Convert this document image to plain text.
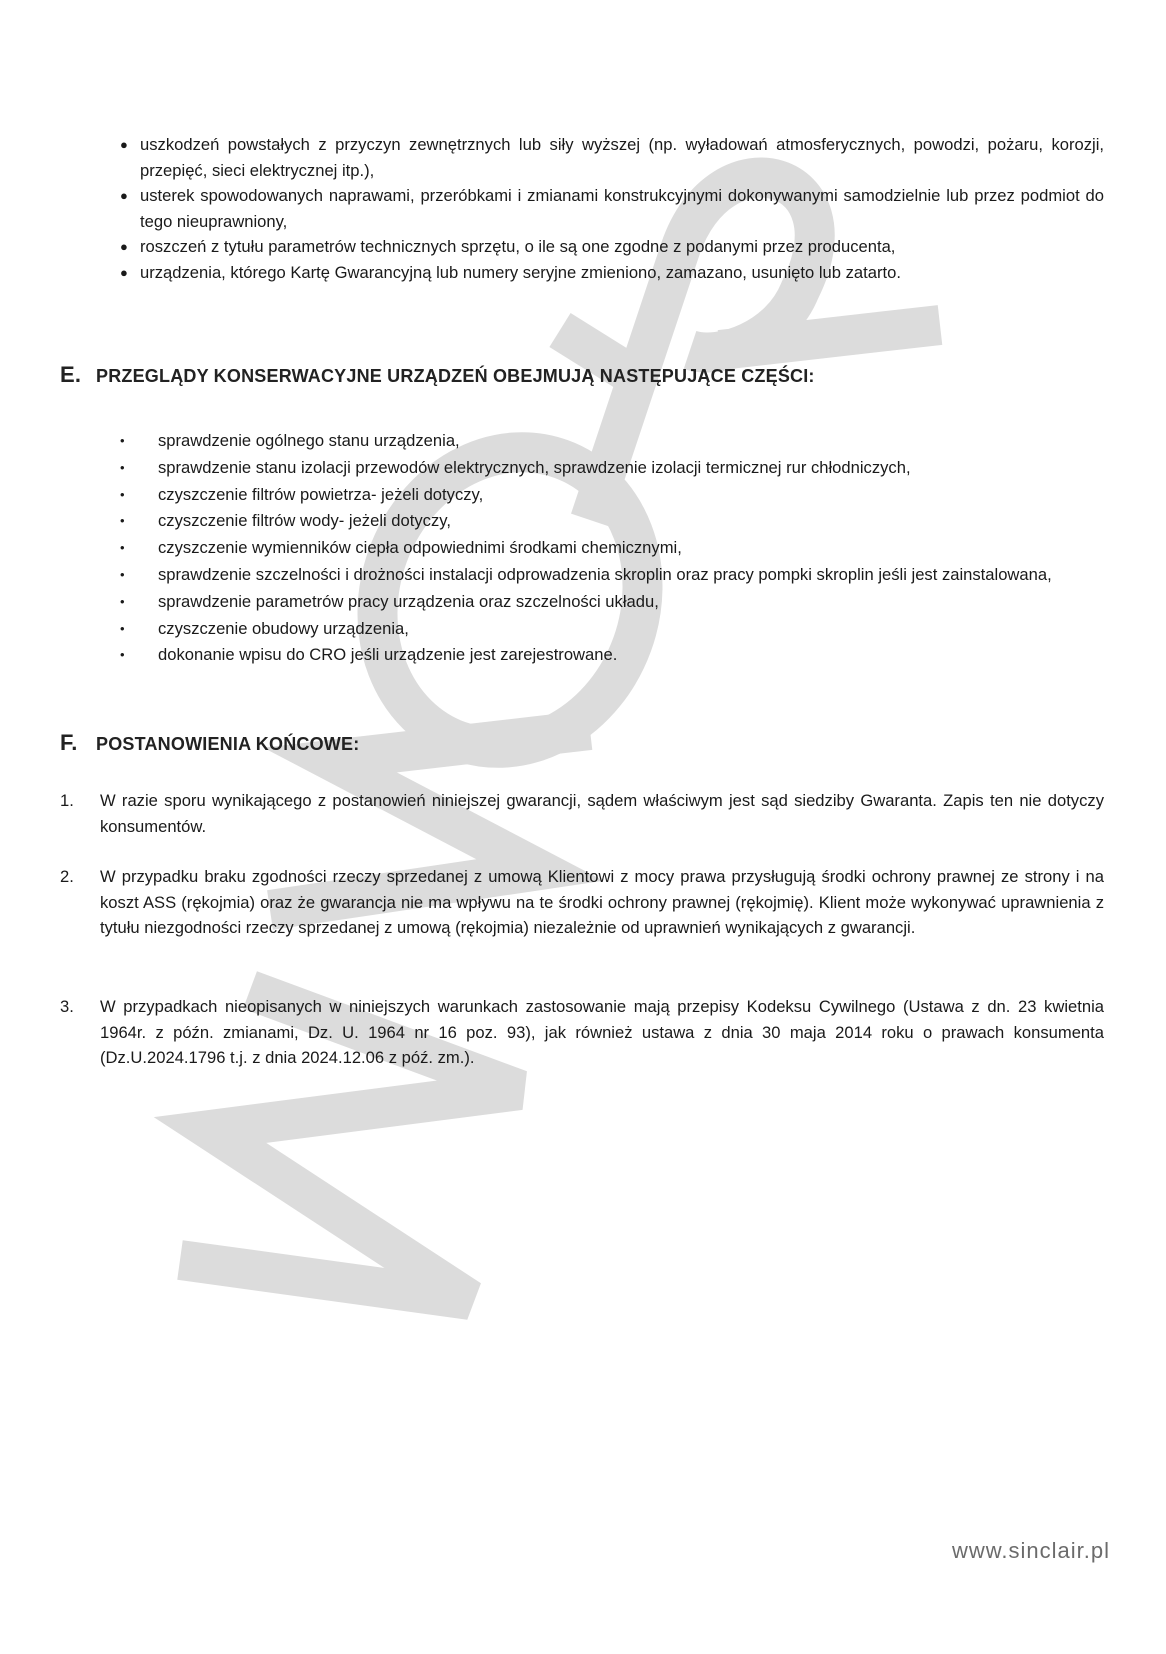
● uszkodzeń powstałych z przyczyn zewnętrznych lub siły wyższej (np. wyładowań atmosferycznych, powodzi, pożaru, korozji, przepięć, sieci elektrycznej itp.),
● usterek spowodowanych naprawami, przeróbkami i zmianami konstrukcyjnymi dokonywanymi samodzielnie lub przez podmiot do tego nieuprawniony,
● roszczeń z tytułu parametrów technicznych sprzętu, o ile są one zgodne z podanymi przez producenta,
● urządzenia, którego Kartę Gwarancyjną lub numery seryjne zmieniono, zamazano, usunięto lub zatarto.
E. PRZEGLĄDY KONSERWACYJNE URZĄDZEŃ OBEJMUJĄ NASTĘPUJĄCE CZĘŚCI:
• sprawdzenie ogólnego stanu urządzenia,
• sprawdzenie stanu izolacji przewodów elektrycznych, sprawdzenie izolacji termicznej rur chłodniczych,
• czyszczenie filtrów powietrza- jeżeli dotyczy,
• czyszczenie filtrów wody- jeżeli dotyczy,
• czyszczenie wymienników ciepła odpowiednimi środkami chemicznymi,
• sprawdzenie szczelności i drożności instalacji odprowadzenia skroplin oraz pracy pompki skroplin jeśli jest zainstalowana,
• sprawdzenie parametrów pracy urządzenia oraz szczelności układu,
• czyszczenie obudowy urządzenia,
• dokonanie wpisu do CRO jeśli urządzenie jest zarejestrowane.
F. POSTANOWIENIA KOŃCOWE:
1. W razie sporu wynikającego z postanowień niniejszej gwarancji, sądem właściwym jest sąd siedziby Gwaranta. Zapis ten nie dotyczy konsumentów.
2. W przypadku braku zgodności rzeczy sprzedanej z umową Klientowi z mocy prawa przysługują środki ochrony prawnej ze strony i na koszt ASS (rękojmia) oraz że gwarancja nie ma wpływu na te środki ochrony prawnej (rękojmię). Klient może wykonywać uprawnienia z tytułu niezgodności rzeczy sprzedanej z umową (rękojmia) niezależnie od uprawnień wynikających z gwarancji.
3. W przypadkach nieopisanych w niniejszych warunkach zastosowanie mają przepisy Kodeksu Cywilnego (Ustawa z dn. 23 kwietnia 1964r. z późn. zmianami, Dz. U. 1964 nr 16 poz. 93), jak również ustawa z dnia 30 maja 2014 roku o prawach konsumenta (Dz.U.2024.1796 t.j. z dnia 2024.12.06 z póź. zm.).
www.sinclair.pl
